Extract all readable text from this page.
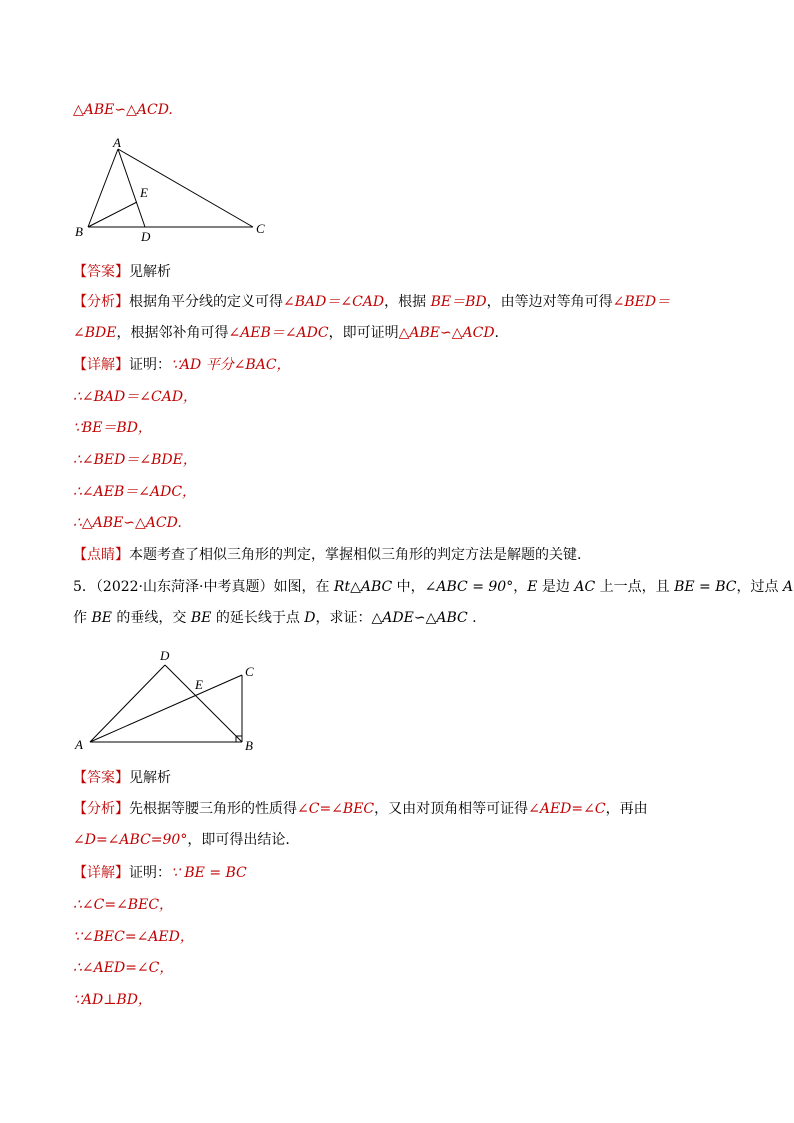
△ABE∽△ACD.
A
B	C
D
E
【答案】见解析
【分析】根据角平分线的定义可得∠BAD＝∠CAD，根据 BE＝BD，由等边对等角可得∠BED＝∠BDE，根据邻补角可得∠AEB＝∠ADC，即可证明△ABE∽△ACD.
【详解】证明：∵AD 平分∠BAC，
∴∠BAD＝∠CAD，
∵BE＝BD，
∴∠BED＝∠BDE，
∴∠AEB＝∠ADC，
∴△ABE∽△ACD.
【点睛】本题考查了相似三角形的判定，掌握相似三角形的判定方法是解题的关键.
5．（2022·山东菏泽·中考真题）如图，在 Rt△ABC 中，∠ABC = 90°，E 是边 AC 上一点，且 BE = BC，过点 A
作 BE 的垂线，交 BE 的延长线于点 D，求证：△ADE∽△ABC .
A	B
C
D
E
【答案】见解析
【分析】先根据等腰三角形的性质得∠C=∠BEC，又由对顶角相等可证得∠AED=∠C，再由∠D=∠ABC=90°，即可得出结论.
【详解】证明：∵ BE = BC
∴∠C=∠BEC，
∵∠BEC=∠AED，
∴∠AED=∠C，
∵AD⊥BD，
